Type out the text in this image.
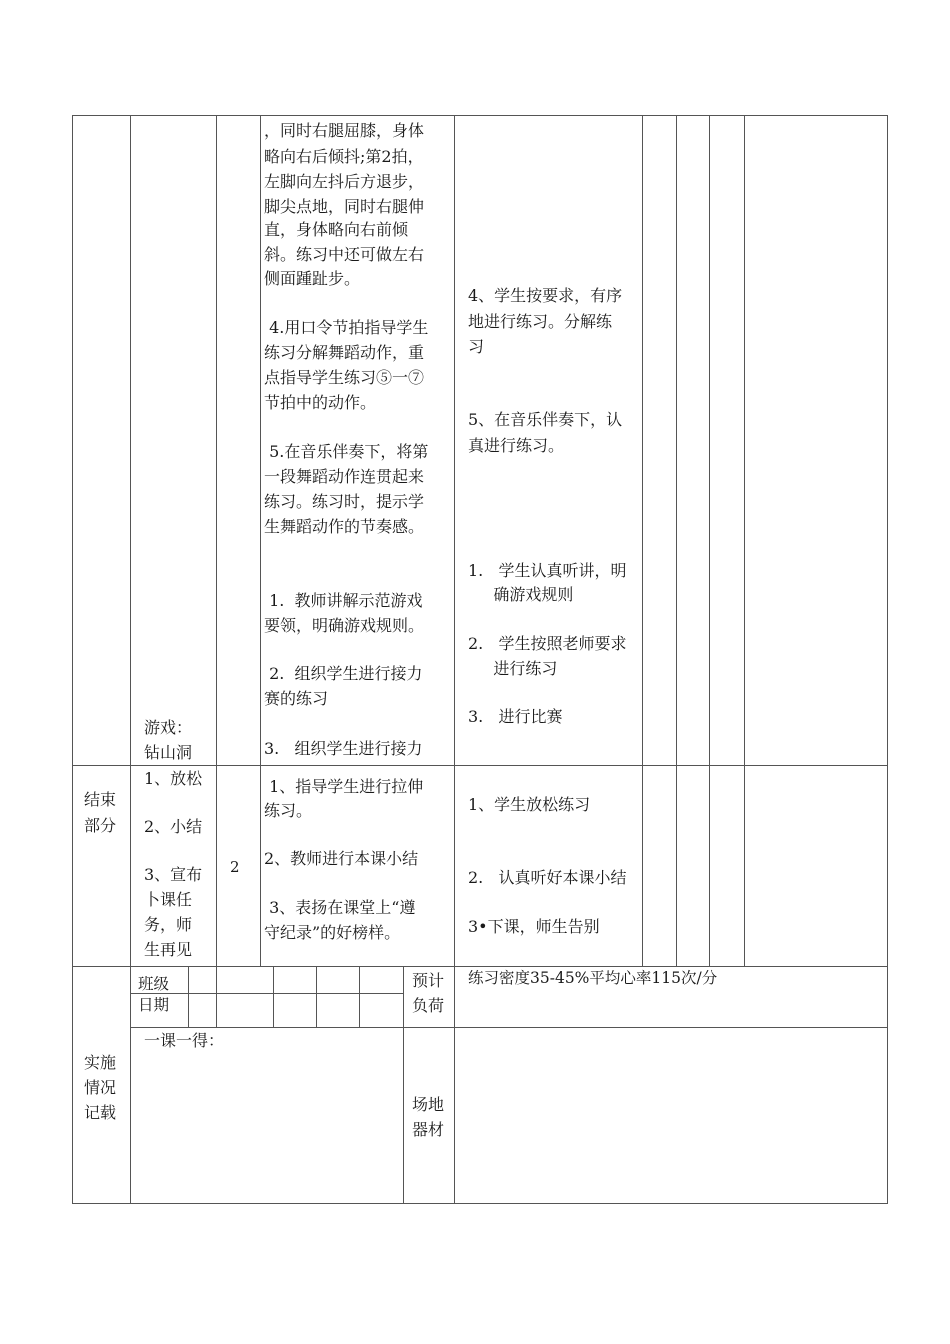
游戏：
钻山洞
结束
部分
1、放松
2、小结
3、宣布
卜课任
务，师
生再见
2
，同时右腿屈膝，身体
略向右后倾抖;第2拍，
左脚向左抖后方退步，
脚尖点地，同时右腿伸
直，身体略向右前倾
斜。练习中还可做左右
侧面踵趾步。
4.用口令节拍指导学生
练习分解舞蹈动作，重
点指导学生练习⑤一⑦
节拍中的动作。
5.在音乐伴奏下，将第
一段舞蹈动作连贯起来
练习。练习时，提示学
生舞蹈动作的节奏感。
1.  教师讲解示范游戏
要领，明确游戏规则。
2.  组织学生进行接力
赛的练习
3.   组织学生进行接力
1、指导学生进行拉伸
练习。
2、教师进行本课小结
3、表扬在课堂上“遵
守纪录”的好榜样。
4、学生按要求，有序
地进行练习。分解练
习
5、在音乐伴奏下，认
真进行练习。
1.   学生认真听讲，明
确游戏规则
2.   学生按照老师要求
进行练习
3.   进行比赛
1、学生放松练习
2.   认真听好本课小结
3•下课，师生告别
实施
情况
记载
班级
日期
预计
负荷
练习密度35-45%平均心率115次/分
一课一得：
场地
器材
